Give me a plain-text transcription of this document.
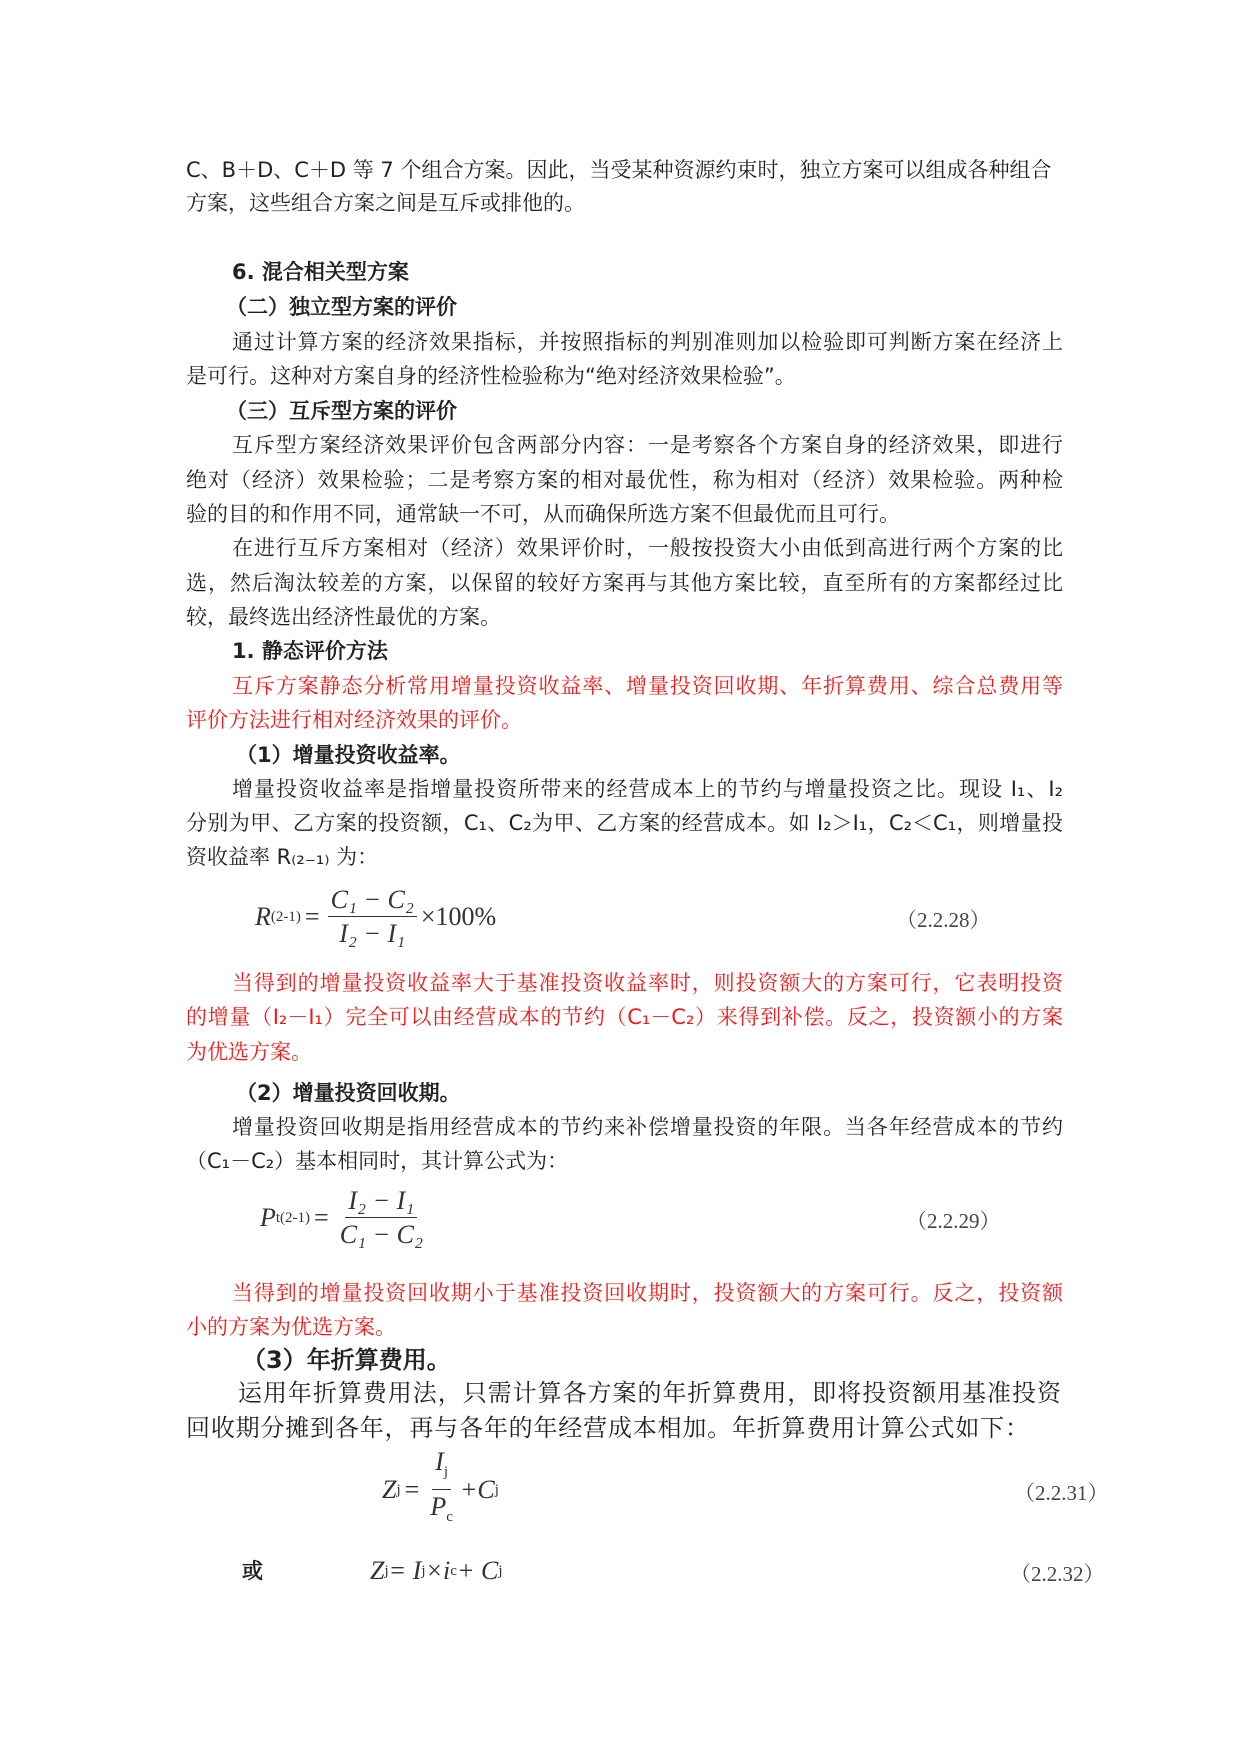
C、B＋D、C＋D 等 7 个组合方案。因此，当受某种资源约束时，独立方案可以组成各种组合
方案，这些组合方案之间是互斥或排他的。
6. 混合相关型方案
（二）独立型方案的评价
通过计算方案的经济效果指标，并按照指标的判别准则加以检验即可判断方案在经济上
是可行。这种对方案自身的经济性检验称为“绝对经济效果检验”。
（三）互斥型方案的评价
互斥型方案经济效果评价包含两部分内容：一是考察各个方案自身的经济效果，即进行
绝对（经济）效果检验；二是考察方案的相对最优性，称为相对（经济）效果检验。两种检
验的目的和作用不同，通常缺一不可，从而确保所选方案不但最优而且可行。
在进行互斥方案相对（经济）效果评价时，一般按投资大小由低到高进行两个方案的比
选，然后淘汰较差的方案，以保留的较好方案再与其他方案比较，直至所有的方案都经过比
较，最终选出经济性最优的方案。
1. 静态评价方法
互斥方案静态分析常用增量投资收益率、增量投资回收期、年折算费用、综合总费用等
评价方法进行相对经济效果的评价。
（1）增量投资收益率。
增量投资收益率是指增量投资所带来的经营成本上的节约与增量投资之比。现设 I₁、I₂
分别为甲、乙方案的投资额，C₁、C₂为甲、乙方案的经营成本。如 I₂＞I₁，C₂＜C₁，则增量投
资收益率 R₍₂₋₁₎ 为：
R $(2-1) = \frac{\text{C₁ − C₂}}{\text{I₂ − I₁}} \times 100\%$	（2.2.28）
当得到的增量投资收益率大于基准投资收益率时，则投资额大的方案可行，它表明投资
的增量（I₂－I₁）完全可以由经营成本的节约（C₁－C₂）来得到补偿。反之，投资额小的方案
为优选方案。
（2）增量投资回收期。
增量投资回收期是指用经营成本的节约来补偿增量投资的年限。当各年经营成本的节约
（C₁－C₂）基本相同时，其计算公式为：
P $t(2-1) = \frac{\text{I₂ − I₁}}{\text{C₁ − C₂}}$	（2.2.29）
当得到的增量投资回收期小于基准投资回收期时，投资额大的方案可行。反之，投资额
小的方案为优选方案。
（3）年折算费用。
运用年折算费用法，只需计算各方案的年折算费用，即将投资额用基准投资
回收期分摊到各年，再与各年的年经营成本相加。年折算费用计算公式如下：
Z $j = \frac{I_j}{P_c} +C$ j	（2.2.31）
或	Z j = I j ×i c + C j	（2.2.32）
